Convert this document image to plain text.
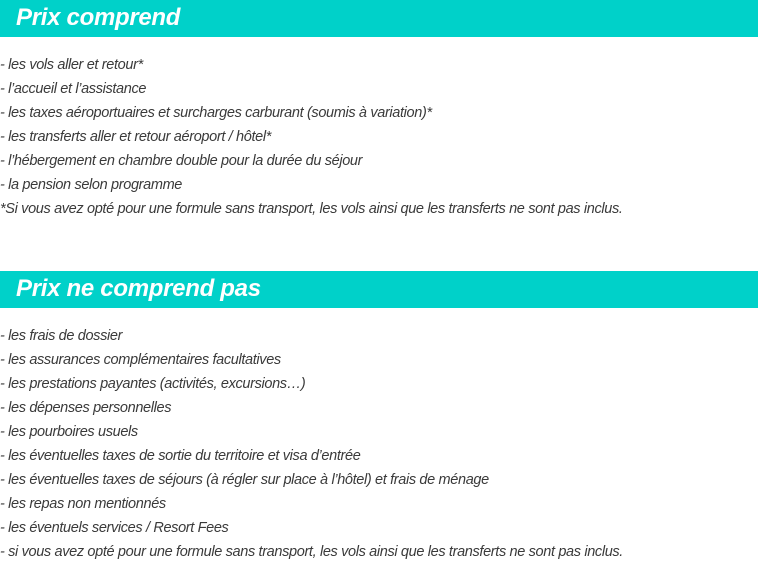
Prix comprend
- les vols aller et retour*
- l’accueil et l’assistance
- les taxes aéroportuaires et surcharges carburant (soumis à variation)*
- les transferts aller et retour aéroport / hôtel*
- l’hébergement en chambre double pour la durée du séjour
- la pension selon programme
*Si vous avez opté pour une formule sans transport, les vols ainsi que les transferts ne sont pas inclus.
Prix ne comprend pas
- les frais de dossier
- les assurances complémentaires facultatives
- les prestations payantes (activités, excursions…)
- les dépenses personnelles
- les pourboires usuels
- les éventuelles taxes de sortie du territoire et visa d’entrée
- les éventuelles taxes de séjours (à régler sur place à l’hôtel) et frais de ménage
- les repas non mentionnés
- les éventuels services / Resort Fees
- si vous avez opté pour une formule sans transport, les vols ainsi que les transferts ne sont pas inclus.
